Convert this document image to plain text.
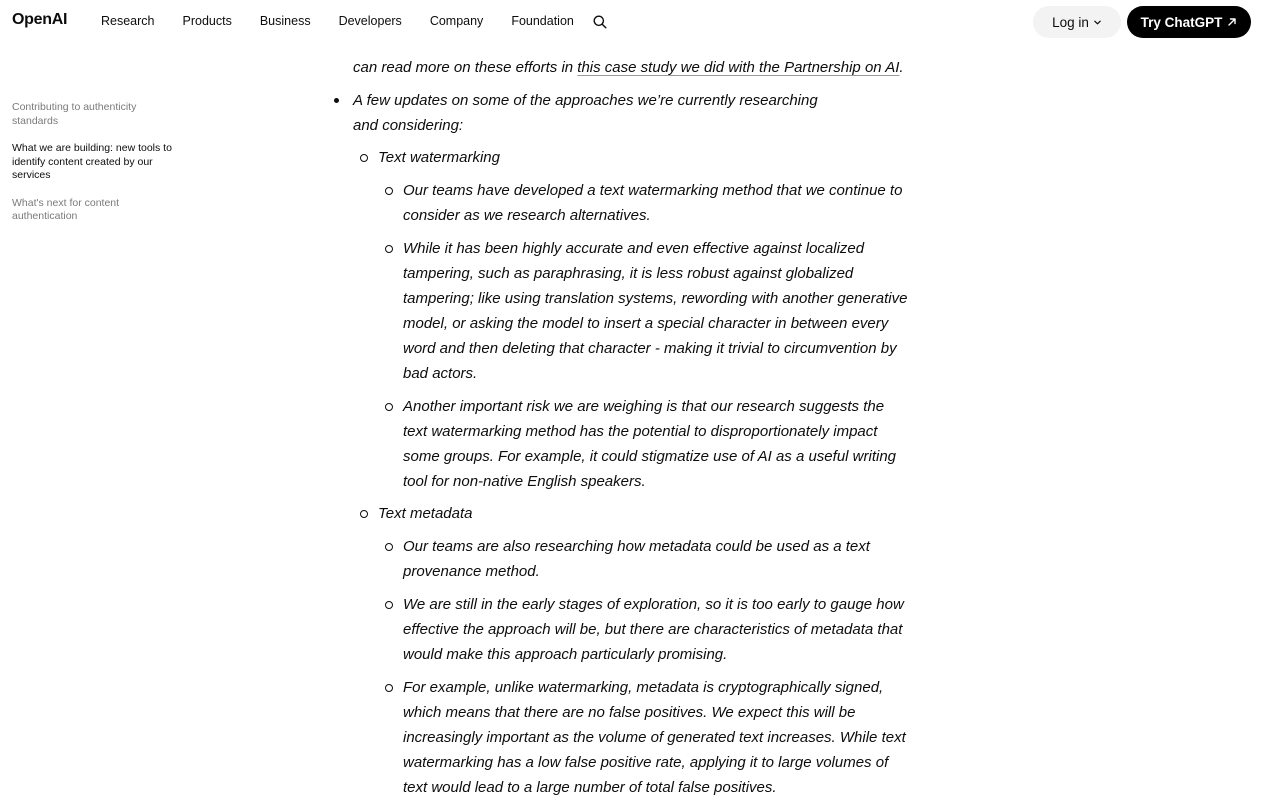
OpenAI	Research Products Business Developers Company Foundation	Log in	Try ChatGPT
Contributing to authenticity standards
What we are building: new tools to identify content created by our services
What's next for content authentication

can read more on these efforts in this case study we did with the Partnership on AI.

A few updates on some of the approaches we’re currently researching and considering:
Text watermarking
Our teams have developed a text watermarking method that we continue to consider as we research alternatives.
While it has been highly accurate and even effective against localized tampering, such as paraphrasing, it is less robust against globalized tampering; like using translation systems, rewording with another generative model, or asking the model to insert a special character in between every word and then deleting that character - making it trivial to circumvention by bad actors.
Another important risk we are weighing is that our research suggests the text watermarking method has the potential to disproportionately impact some groups. For example, it could stigmatize use of AI as a useful writing tool for non-native English speakers.
Text metadata
Our teams are also researching how metadata could be used as a text provenance method.
We are still in the early stages of exploration, so it is too early to gauge how effective the approach will be, but there are characteristics of metadata that would make this approach particularly promising.
For example, unlike watermarking, metadata is cryptographically signed, which means that there are no false positives. We expect this will be increasingly important as the volume of generated text increases. While text watermarking has a low false positive rate, applying it to large volumes of text would lead to a large number of total false positives.
